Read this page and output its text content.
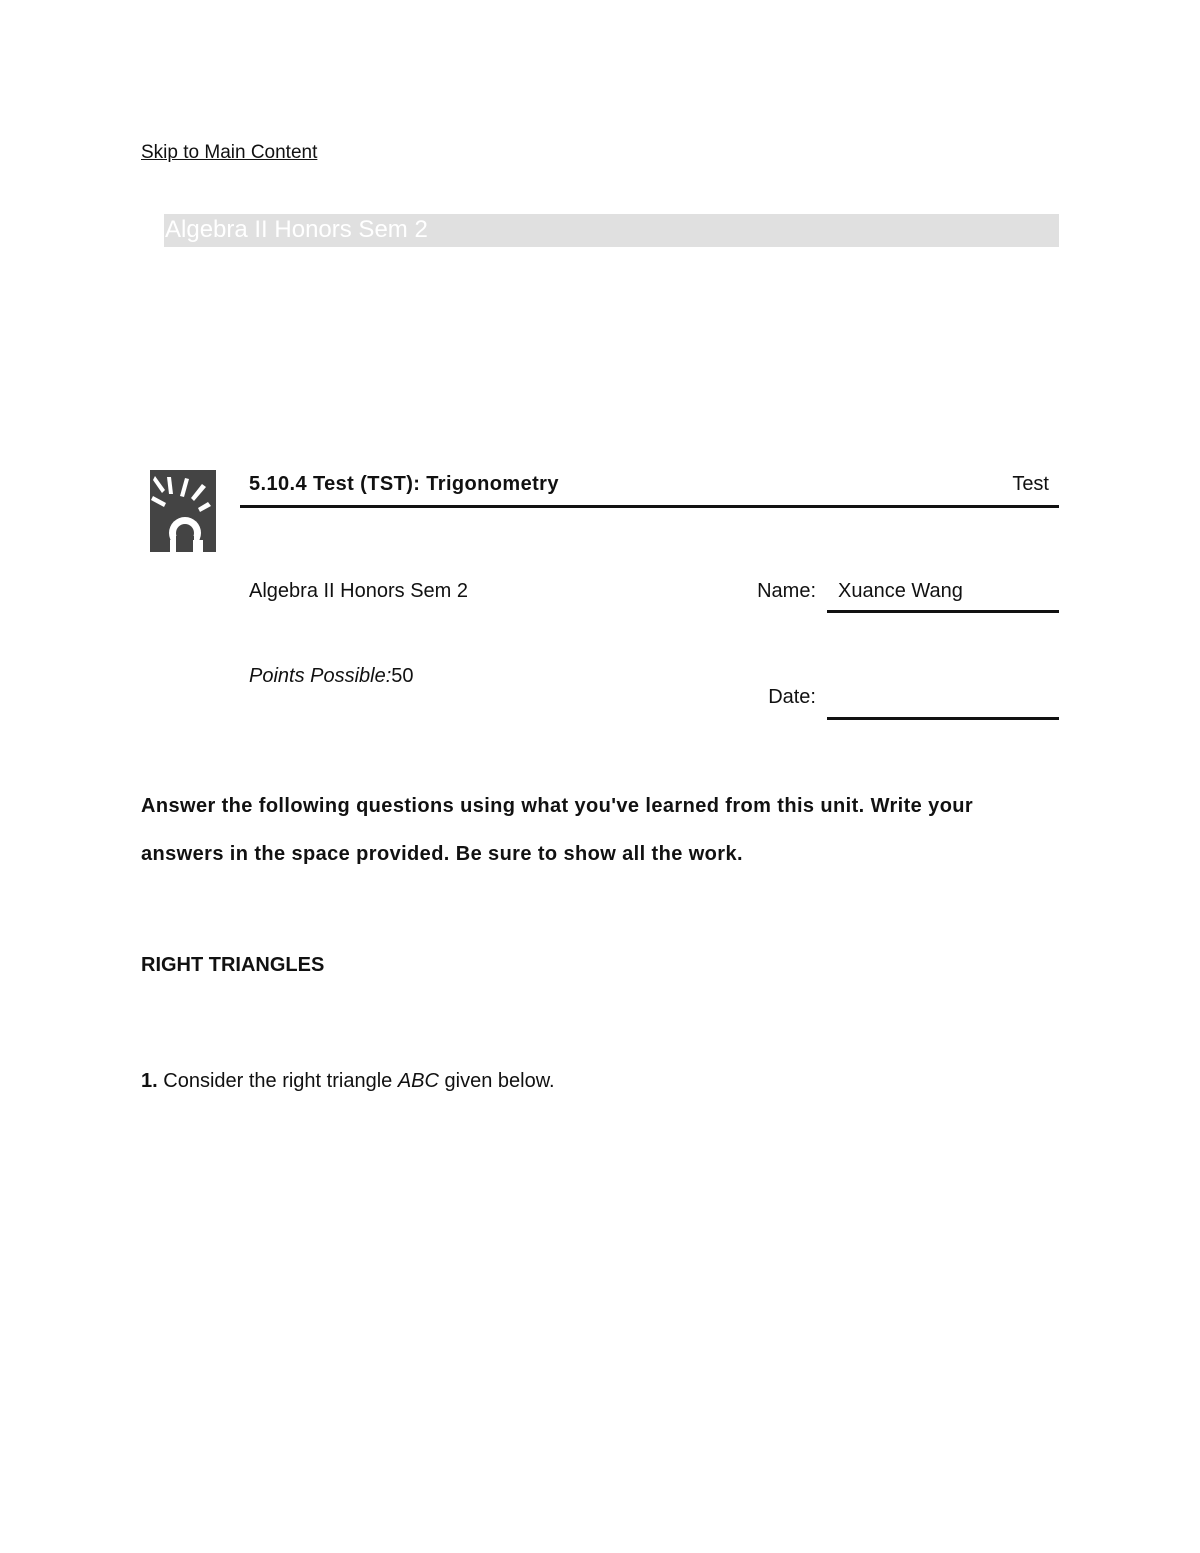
Skip to Main Content
Algebra II Honors Sem 2
5.10.4 Test (TST): Trigonometry	Test
Algebra II Honors Sem 2	Name: Xuance Wang
Points Possible:50
Date:
Answer the following questions using what you've learned from this unit. Write your answers in the space provided. Be sure to show all the work.
RIGHT TRIANGLES
1. Consider the right triangle ABC given below.
